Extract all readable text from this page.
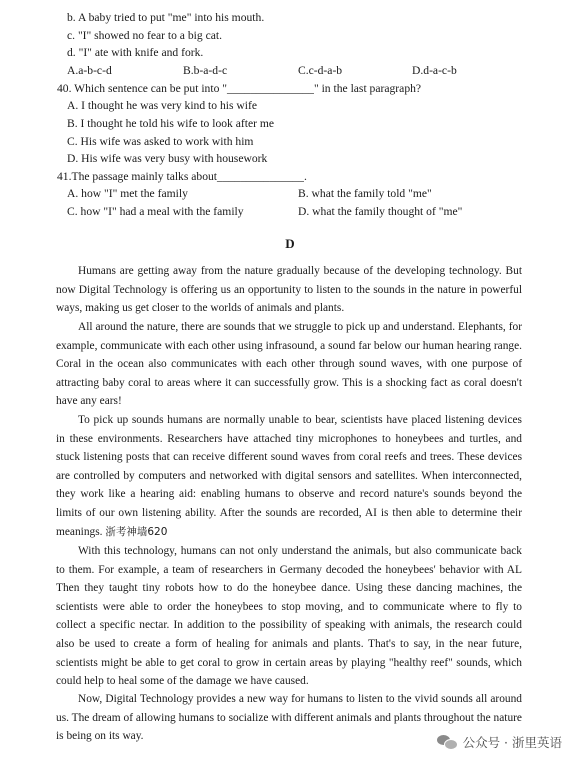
b. A baby tried to put "me" into his mouth.
c. "I" showed no fear to a big cat.
d. "I" ate with knife and fork.
A.a-b-c-d	B.b-a-d-c	C.c-d-a-b	D.d-a-c-b
40. Which sentence can be put into "_______________" in the last paragraph?
A. I thought he was very kind to his wife
B. I thought he told his wife to look after me
C. His wife was asked to work with him
D. His wife was very busy with housework
41.The passage mainly talks about_______________.
A. how "I" met the family	B. what the family told "me"
C. how "I" had a meal with the family	D. what the family thought of "me"
D

Humans are getting away from the nature gradually because of the developing technology. But now Digital Technology is offering us an opportunity to listen to the sounds in the nature in powerful ways, making us get closer to the worlds of animals and plants.

All around the nature, there are sounds that we struggle to pick up and understand. Elephants, for example, communicate with each other using infrasound, a sound far below our human hearing range. Coral in the ocean also communicates with each other through sound waves, with one purpose of attracting baby coral to areas where it can successfully grow. This is a shocking fact as coral doesn't have any ears!

To pick up sounds humans are normally unable to bear, scientists have placed listening devices in these environments. Researchers have attached tiny microphones to honeybees and turtles, and stuck listening posts that can receive different sound waves from coral reefs and trees. These devices are controlled by computers and networked with digital sensors and satellites. When interconnected, they work like a hearing aid: enabling humans to observe and record nature's sounds beyond the limits of our own listening ability. After the sounds are recorded, AI is then able to determine their meanings. 浙考神墙620

With this technology, humans can not only understand the animals, but also communicate back to them. For example, a team of researchers in Germany decoded the honeybees' behavior with AL Then they taught tiny robots how to do the honeybee dance. Using these dancing machines, the scientists were able to order the honeybees to stop moving, and to communicate where to fly to collect a specific nectar. In addition to the possibility of speaking with animals, the research could also be used to create a form of healing for animals and plants. That's to say, in the near future, scientists might be able to get coral to grow in certain areas by playing "healthy reef" sounds, which could help to heal some of the damage we have caused.

Now, Digital Technology provides a new way for humans to listen to the vivid sounds all around us. The dream of allowing humans to socialize with different animals and plants throughout the nature is being on its way.	公众号 · 浙里英语
